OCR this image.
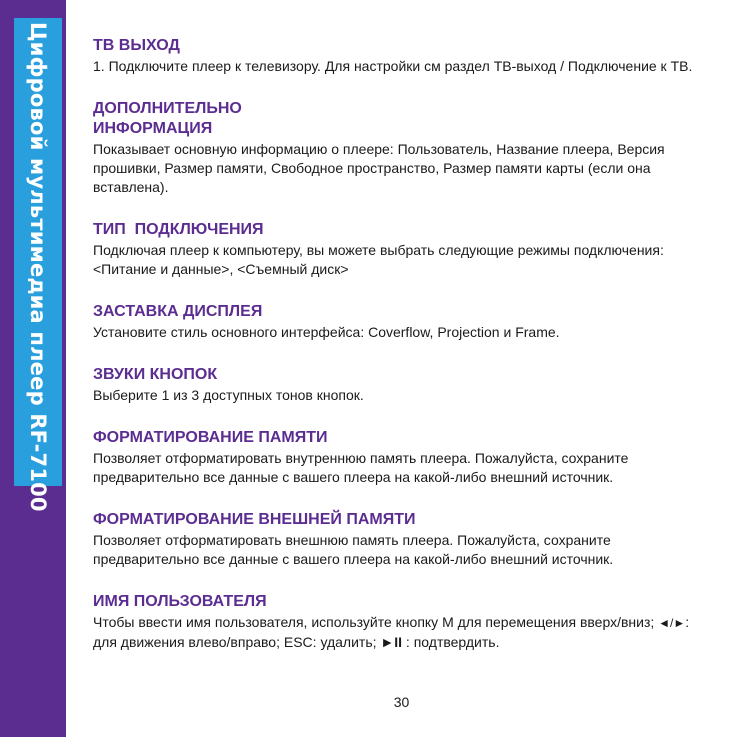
Цифровой мультимедиа плеер RF-7100	ТВ ВЫХОД

1. Подключите плеер к телевизору. Для настройки см раздел ТВ-выход / Подключение к ТВ.

ДОПОЛНИТЕЛЬНО
ИНФОРМАЦИЯ

Показывает основную информацию о плеере: Пользователь, Название плеера, Версия прошивки, Размер памяти, Свободное пространство, Размер памяти карты (если она вставлена).

ТИП  ПОДКЛЮЧЕНИЯ

Подключая плеер к компьютеру, вы можете выбрать следующие режимы подключения: <Питание и данные>, <Съемный диск>

ЗАСТАВКА ДИСПЛЕЯ

Установите стиль основного интерфейса: Coverflow, Projection и Frame.

ЗВУКИ КНОПОК

Выберите 1 из 3 доступных тонов кнопок.

ФОРМАТИРОВАНИЕ ПАМЯТИ

Позволяет отформатировать внутреннюю память плеера. Пожалуйста, сохраните предварительно все данные с вашего плеера на какой-либо внешний источник.

ФОРМАТИРОВАНИЕ ВНЕШНЕЙ ПАМЯТИ

Позволяет отформатировать внешнюю память плеера. Пожалуйста, сохраните предварительно все данные с вашего плеера на какой-либо внешний источник.

ИМЯ ПОЛЬЗОВАТЕЛЯ

Чтобы ввести имя пользователя, используйте кнопку M для перемещения вверх/вниз; ◄/►: для движения влево/вправо; ESC: удалить; ►II : подтвердить.

30
